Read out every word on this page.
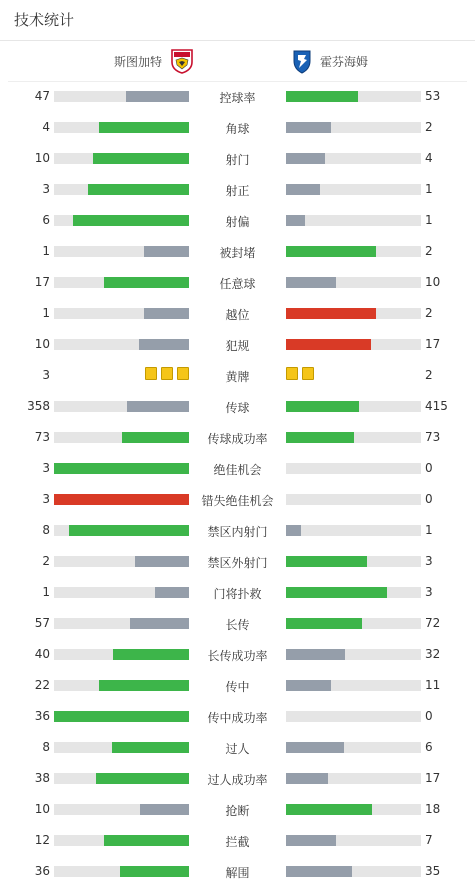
技术统计
斯图加特	霍芬海姆
47	控球率	53
4	角球	2
10	射门	4
3	射正	1
6	射偏	1
1	被封堵	2
17	任意球	10
1	越位	2
10	犯规	17
3	黄牌	2
358	传球	415
73	传球成功率	73
3	绝佳机会	0
3	错失绝佳机会	0
8	禁区内射门	1
2	禁区外射门	3
1	门将扑救	3
57	长传	72
40	长传成功率	32
22	传中	11
36	传中成功率	0
8	过人	6
38	过人成功率	17
10	抢断	18
12	拦截	7
36	解围	35
